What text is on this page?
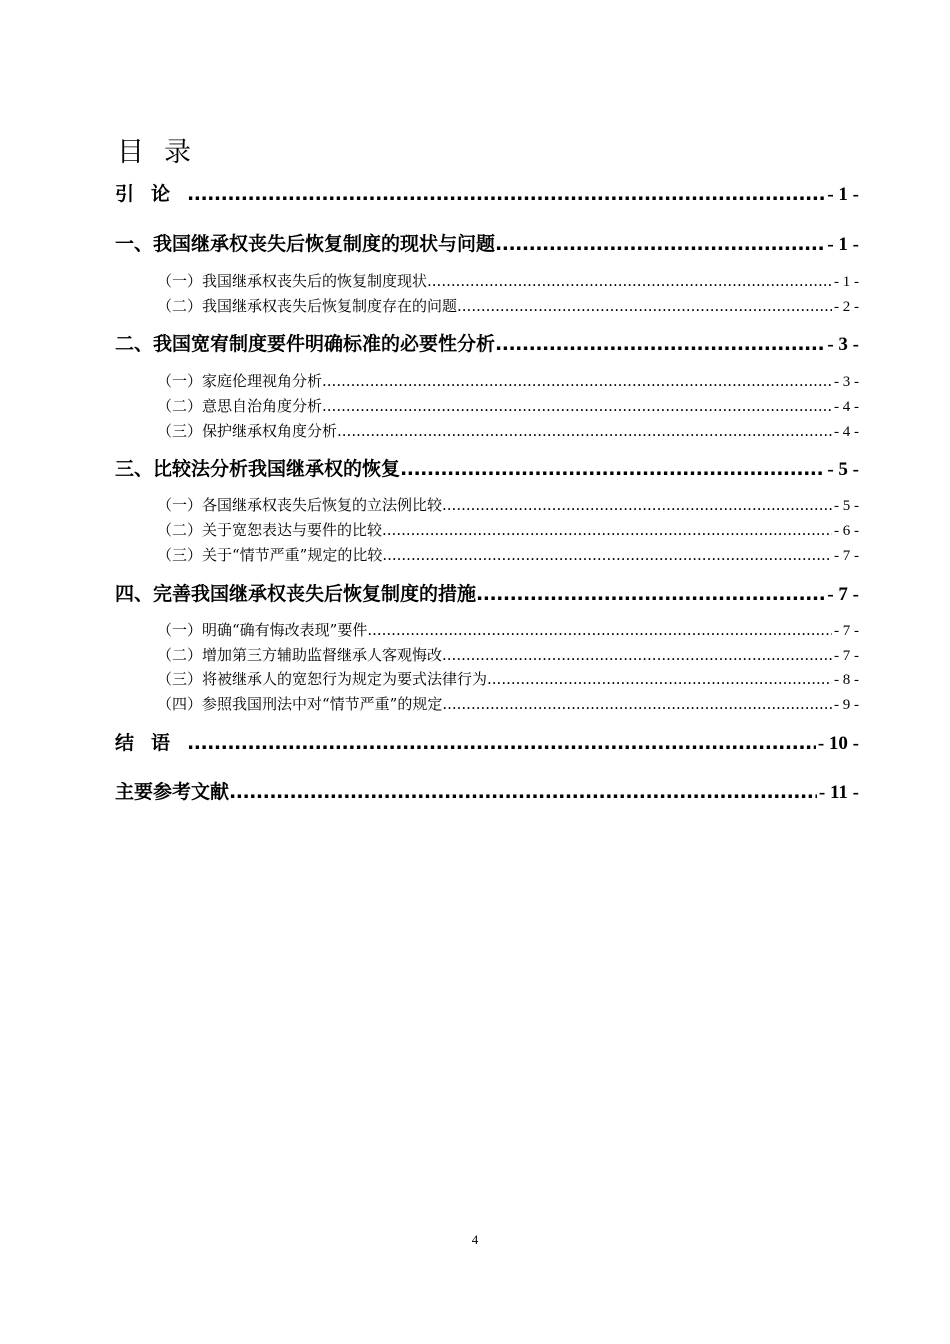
目录
引论 .....	- 1 -
一、我国继承权丧失后恢复制度的现状与问题 .....	- 1 -
（一）我国继承权丧失后的恢复制度现状 .....	- 1 -
（二）我国继承权丧失后恢复制度存在的问题 .....	- 2 -
二、我国宽宥制度要件明确标准的必要性分析 .....	- 3 -
（一）家庭伦理视角分析 .....	- 3 -
（二）意思自治角度分析 .....	- 4 -
（三）保护继承权角度分析 .....	- 4 -
三、比较法分析我国继承权的恢复 .....	- 5 -
（一）各国继承权丧失后恢复的立法例比较 .....	- 5 -
（二）关于宽恕表达与要件的比较 .....	- 6 -
（三）关于“情节严重”规定的比较 .....	- 7 -
四、完善我国继承权丧失后恢复制度的措施 .....	- 7 -
（一）明确“确有悔改表现”要件 .....	- 7 -
（二）增加第三方辅助监督继承人客观悔改 .....	- 7 -
（三）将被继承人的宽恕行为规定为要式法律行为 .....	- 8 -
（四）参照我国刑法中对“情节严重”的规定 .....	- 9 -
结语 .....	- 10 -
主要参考文献 .....	- 11 -
4
